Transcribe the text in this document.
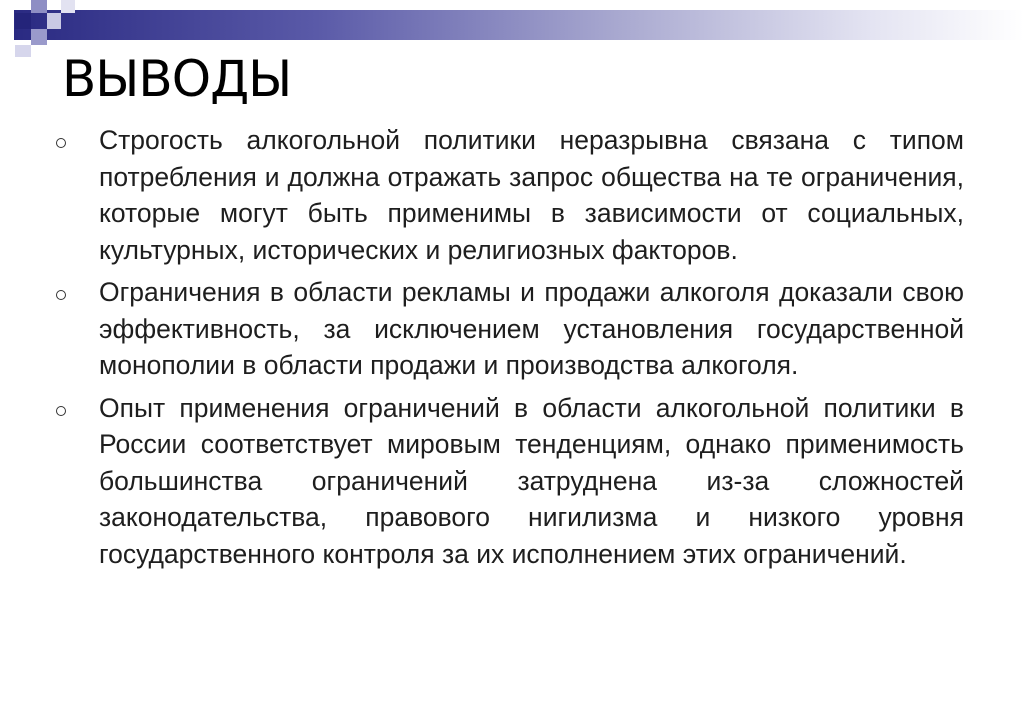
ВЫВОДЫ
Строгость алкогольной политики неразрывна связана с типом потребления и должна отражать запрос общества на те ограничения, которые могут быть применимы в зависимости от социальных, культурных, исторических и религиозных факторов.
Ограничения в области рекламы и продажи алкоголя доказали свою эффективность, за исключением установления государственной монополии в области продажи и производства алкоголя.
Опыт применения ограничений в области алкогольной политики в России соответствует мировым тенденциям, однако применимость большинства ограничений затруднена из-за сложностей законодательства, правового нигилизма и низкого уровня государственного контроля за их исполнением этих ограничений.
